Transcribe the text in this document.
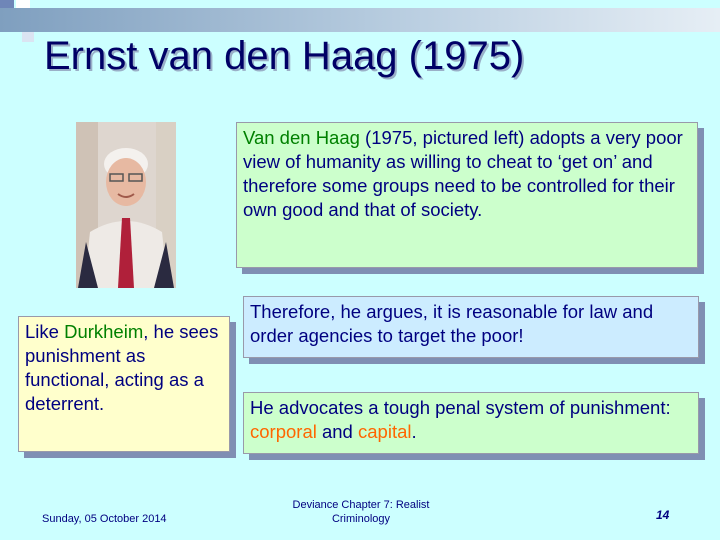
Ernst van den Haag (1975)
Van den Haag (1975, pictured left) adopts a very poor view of humanity as willing to cheat to ‘get on’ and therefore some groups need to be controlled for their own good and that of society.
Therefore, he argues, it is reasonable for law and order agencies to target the poor!
Like Durkheim, he sees punishment as functional, acting as a deterrent.	He advocates a tough penal system of punishment: corporal and capital.
Sunday, 05 October 2014
Deviance Chapter 7: Realist Criminology	14
